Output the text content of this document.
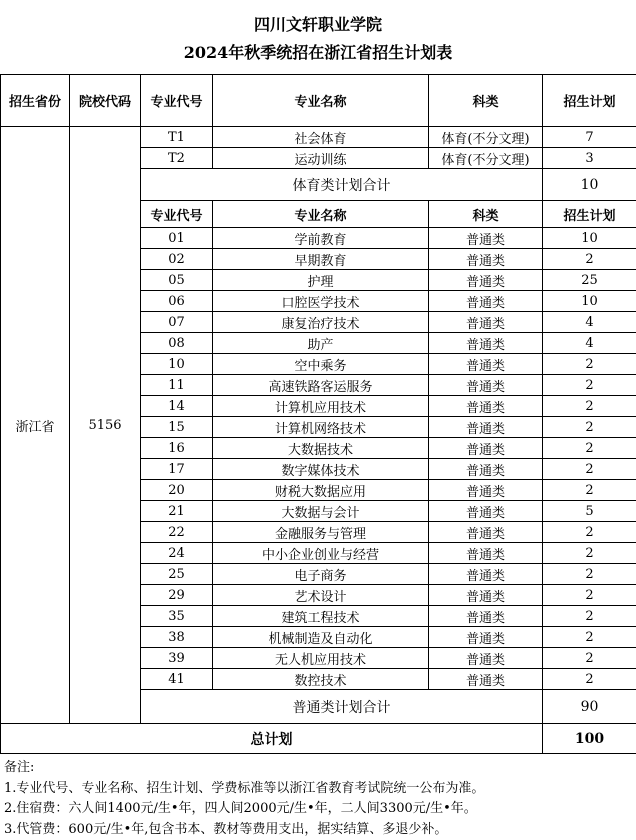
四川文轩职业学院
2024年秋季统招在浙江省招生计划表
招生省份	院校代码	专业代号	专业名称	科类	招生计划
浙江省	5156	T1	社会体育	体育(不分文理)	7
		T2	运动训练	体育(不分文理)	3
		体育类计划合计			10
		专业代号	专业名称	科类	招生计划
		01	学前教育	普通类	10
		02	早期教育	普通类	2
		05	护理	普通类	25
		06	口腔医学技术	普通类	10
		07	康复治疗技术	普通类	4
		08	助产	普通类	4
		10	空中乘务	普通类	2
		11	高速铁路客运服务	普通类	2
		14	计算机应用技术	普通类	2
		15	计算机网络技术	普通类	2
		16	大数据技术	普通类	2
		17	数字媒体技术	普通类	2
		20	财税大数据应用	普通类	2
		21	大数据与会计	普通类	5
		22	金融服务与管理	普通类	2
		24	中小企业创业与经营	普通类	2
		25	电子商务	普通类	2
		29	艺术设计	普通类	2
		35	建筑工程技术	普通类	2
		38	机械制造及自动化	普通类	2
		39	无人机应用技术	普通类	2
		41	数控技术	普通类	2
		普通类计划合计			90
总计划					100
备注:
1.专业代号、专业名称、招生计划、学费标准等以浙江省教育考试院统一公布为准。
2.住宿费：六人间1400元/生•年，四人间2000元/生•年，二人间3300元/生•年。
3.代管费：600元/生•年,包含书本、教材等费用支出，据实结算、多退少补。
